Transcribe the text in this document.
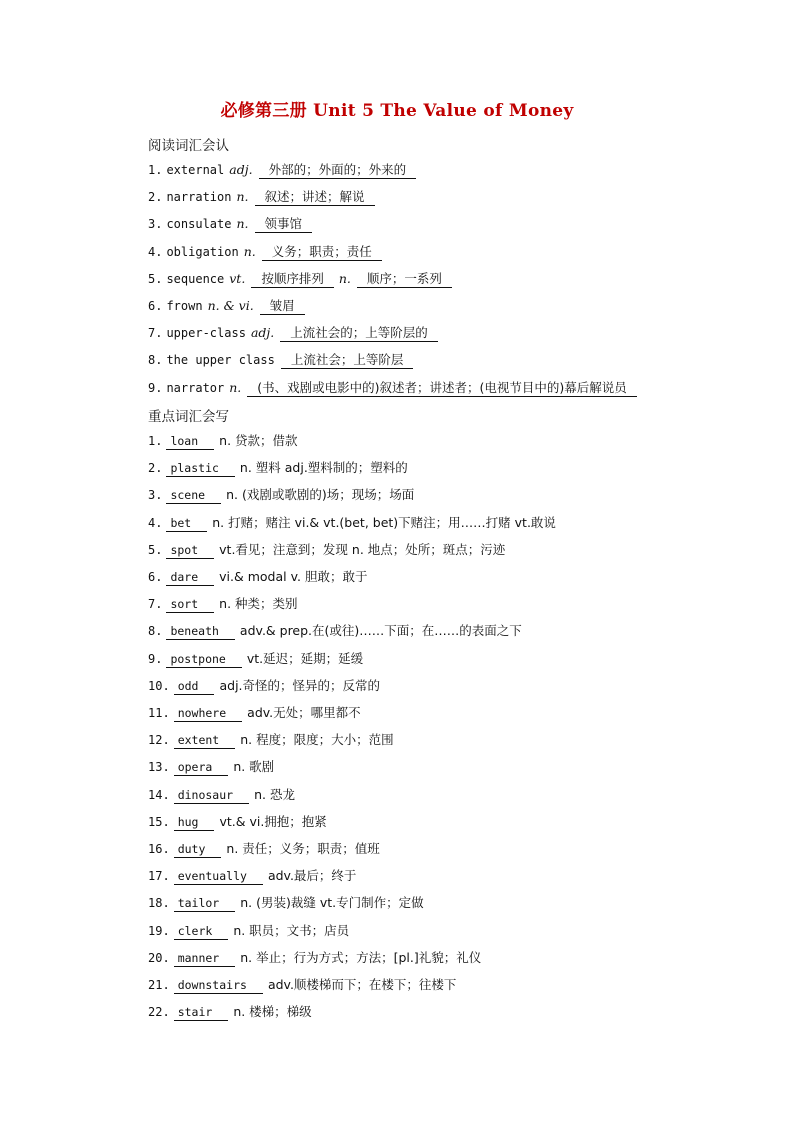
必修第三册 Unit 5 The Value of Money
阅读词汇会认
1. external adj. 外部的；外面的；外来的
2. narration n. 叙述；讲述；解说
3. consulate n. 领事馆
4. obligation n. 义务；职责；责任
5. sequence vt. 按顺序排列 n. 顺序；一系列
6. frown n. & vi. 皱眉
7. upper-class adj. 上流社会的；上等阶层的
8. the upper class 上流社会；上等阶层
9. narrator n. (书、戏剧或电影中的)叙述者；讲述者；(电视节目中的)幕后解说员
重点词汇会写
1. loan n. 贷款；借款
2. plastic n. 塑料 adj.塑料制的；塑料的
3. scene n. (戏剧或歌剧的)场；现场；场面
4. bet n. 打赌；赌注 vi.& vt.(bet, bet)下赌注；用……打赌 vt.敢说
5. spot vt.看见；注意到；发现 n. 地点；处所；斑点；污迹
6. dare vi.& modal v. 胆敢；敢于
7. sort n. 种类；类别
8. beneath adv.& prep.在(或往)……下面；在……的表面之下
9. postpone vt.延迟；延期；延缓
10. odd adj.奇怪的；怪异的；反常的
11. nowhere adv.无处；哪里都不
12. extent n. 程度；限度；大小；范围
13. opera n. 歌剧
14. dinosaur n. 恐龙
15. hug vt.& vi.拥抱；抱紧
16. duty n. 责任；义务；职责；值班
17. eventually adv.最后；终于
18. tailor n. (男装)裁缝 vt.专门制作；定做
19. clerk n. 职员；文书；店员
20. manner n. 举止；行为方式；方法；[pl.]礼貌；礼仪
21. downstairs adv.顺楼梯而下；在楼下；往楼下
22. stair n. 楼梯；梯级
